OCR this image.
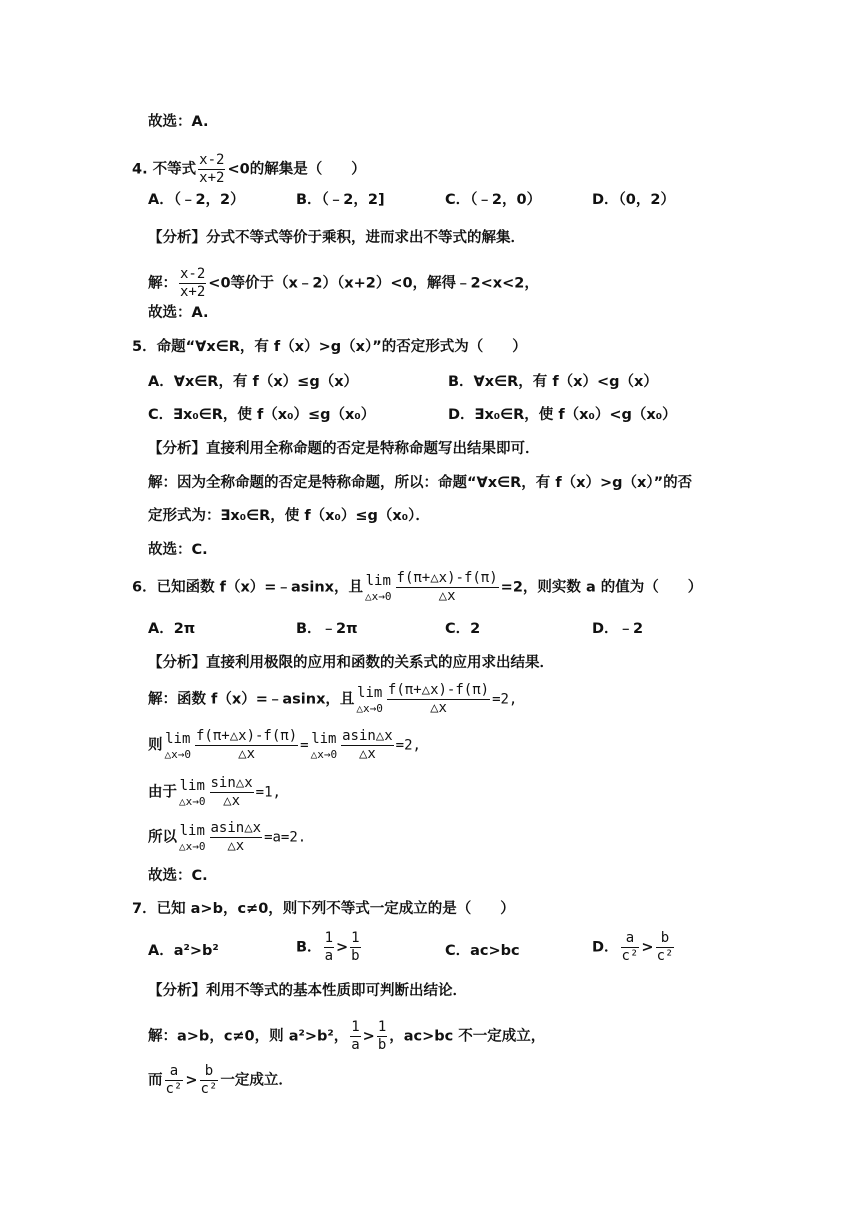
故选：A.
4. 不等式 $\frac{x-2}{x+2} <0$的解集是（　　）
A．（﹣2，2）	B．（﹣2，2]	C．（﹣2，0）	D．（0，2）
【分析】分式不等式等价于乘积，进而求出不等式的解集．
解： $\frac{x-2}{x+2} <0$等价于（x﹣2）（x+2）<0，解得﹣2<x<2，
故选：A.
5．命题“∀x∈R，有 f（x）>g（x）”的否定形式为（　　）
A．∀x∈R，有 f（x）≤g（x）	B．∀x∈R，有 f（x）<g（x）
C．∃x₀∈R，使 f（x₀）≤g（x₀）	D．∃x₀∈R，使 f（x₀）<g（x₀）
【分析】直接利用全称命题的否定是特称命题写出结果即可．
解：因为全称命题的否定是特称命题，所以：命题“∀x∈R，有 f（x）>g（x）”的否
定形式为：∃x₀∈R，使 f（x₀）≤g（x₀）．
故选：C.
6．已知函数 f（x）=﹣asinx，且 lim
△x→0 $\frac{f(\pi+\triangle x)-f(\pi)}{\triangle x} =2$，则实数 a 的值为（　　）
A．2π	B．﹣2π	C．2	D．﹣2
【分析】直接利用极限的应用和函数的关系式的应用求出结果．
解：函数 f（x）=﹣asinx，且 lim
△x→0 $\frac{f(\pi+\triangle x)-f(\pi)}{\triangle x} =2$,
则 lim
△x→0 $\frac{f(\pi+\triangle x)-f(\pi)}{\triangle x} = \lim$
△x→0 $\frac{asin\triangle x}{\triangle x} =2$,
由于 lim
△x→0 $\frac{\sin\triangle x}{\triangle x} =1$,
所以 lim
△x→0 $\frac{asin\triangle x}{\triangle x} =a=2$.
故选：C.
7．已知 a>b，c≠0，则下列不等式一定成立的是（　　）
A．a²>b²	B． $\frac{1}{a} > \frac{1}{b}$	C．ac>bc	D． $\frac{a}{\text{c²}} > \frac{b}{\text{c²}}$
【分析】利用不等式的基本性质即可判断出结论．
解：a>b，c≠0，则 a²>b²， $\frac{1}{a} > \frac{1}{b}$ ，ac>bc 不一定成立，
而 $\frac{a}{\text{c²}} > \frac{b}{\text{c²}}$ 一定成立．
